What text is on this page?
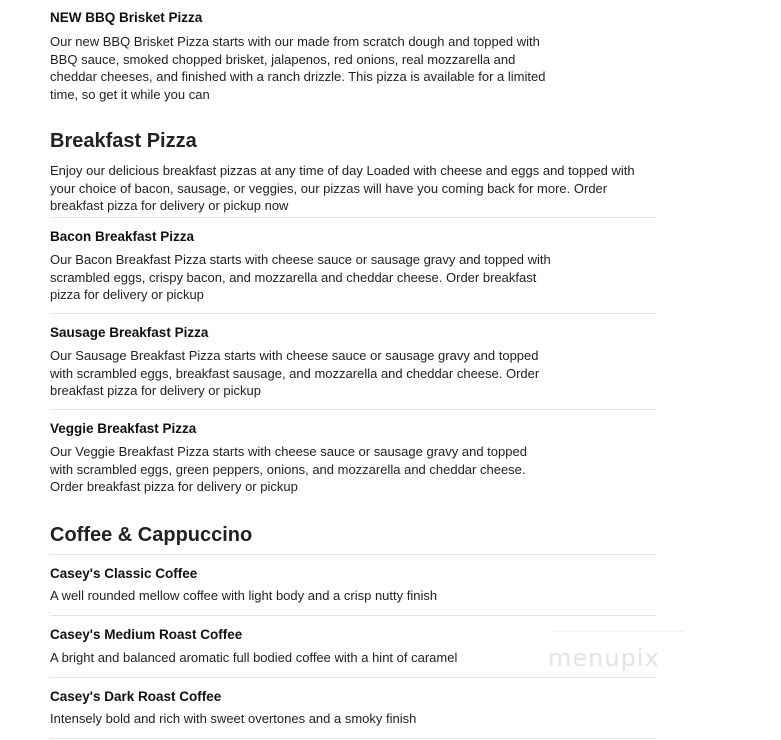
NEW BBQ Brisket Pizza

Our new BBQ Brisket Pizza starts with our made from scratch dough and topped with

BBQ sauce, smoked chopped brisket, jalapenos, red onions, real mozzarella and

cheddar cheeses, and finished with a ranch drizzle. This pizza is available for a limited

time, so get it while you can

Breakfast Pizza

Enjoy our delicious breakfast pizzas at any time of day Loaded with cheese and eggs and topped with

your choice of bacon, sausage, or veggies, our pizzas will have you coming back for more. Order

breakfast pizza for delivery or pickup now

Bacon Breakfast Pizza

Our Bacon Breakfast Pizza starts with cheese sauce or sausage gravy and topped with

scrambled eggs, crispy bacon, and mozzarella and cheddar cheese. Order breakfast

pizza for delivery or pickup

Sausage Breakfast Pizza

Our Sausage Breakfast Pizza starts with cheese sauce or sausage gravy and topped

with scrambled eggs, breakfast sausage, and mozzarella and cheddar cheese. Order

breakfast pizza for delivery or pickup

Veggie Breakfast Pizza

Our Veggie Breakfast Pizza starts with cheese sauce or sausage gravy and topped

with scrambled eggs, green peppers, onions, and mozzarella and cheddar cheese.

Order breakfast pizza for delivery or pickup

Coffee & Cappuccino

Casey's Classic Coffee

A well rounded mellow coffee with light body and a crisp nutty finish

Casey's Medium Roast Coffee

A bright and balanced aromatic full bodied coffee with a hint of caramel

Casey's Dark Roast Coffee

Intensely bold and rich with sweet overtones and a smoky finish

menupix
